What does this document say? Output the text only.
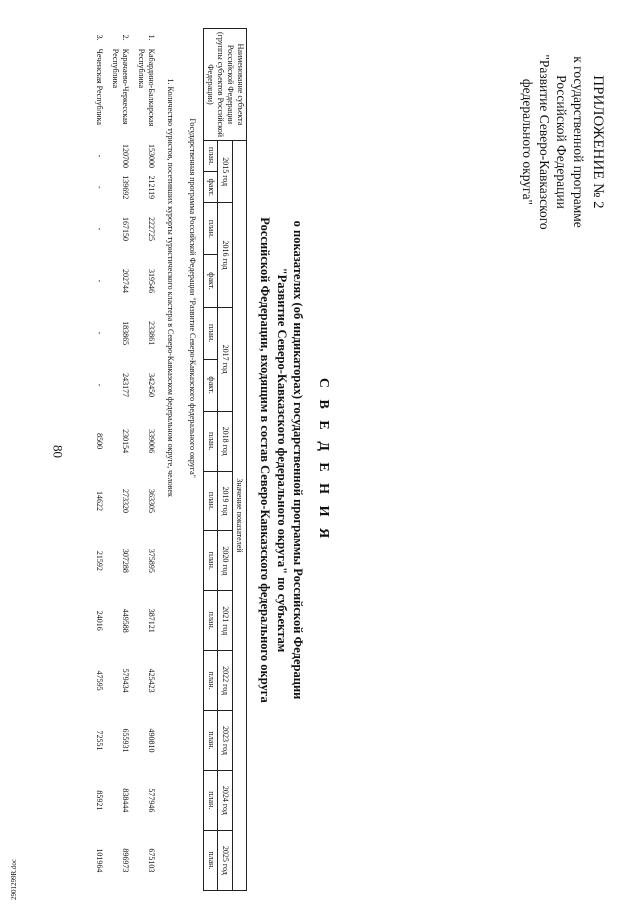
80
2901299R.doc
ПРИЛОЖЕНИЕ № 2
к государственной программе
Российской Федерации
"Развитие Северо-Кавказского
федерального округа"
С В Е Д Е Н И Я
о показателях (об индикаторах) государственной программы Российской Федерации
"Развитие Северо-Кавказского федерального округа" по субъектам
Российской Федерации, входящим в состав Северо-Кавказского федерального округа
Наименование субъекта Российской Федерации (группы субъектов Российской Федерации)		Значение показателей													
		2015 год		2016 год		2017 год		2018 год	2019 год	2020 год	2021 год	2022 год	2023 год	2024 год	2025 год
		план.	факт.	план.	факт.	план.	факт.	план.	план.	план.	план.	план.	план.	план.	план.
Государственная программа Российской Федерации "Развитие Северо-Кавказского федерального округа"															
1. Количество туристов, посетивших курорты туристического кластера в Северо-Кавказском федеральном округе, человек															
1.	Кабардино-Балкарская Республика	153000	212119	222725	319546	233861	342450	339006	363305	375895	387121	425423	490810	577946	675103
2.	Карачаево-Черкесская Республика	120700	139692	167150	202744	183865	243177	230154	273320	307288	449588	579434	655931	838444	896973
3.	Чеченская Республика	-	-	-	-	-	-	8500	14622	21592	24016	47595	72551	85921	101964
